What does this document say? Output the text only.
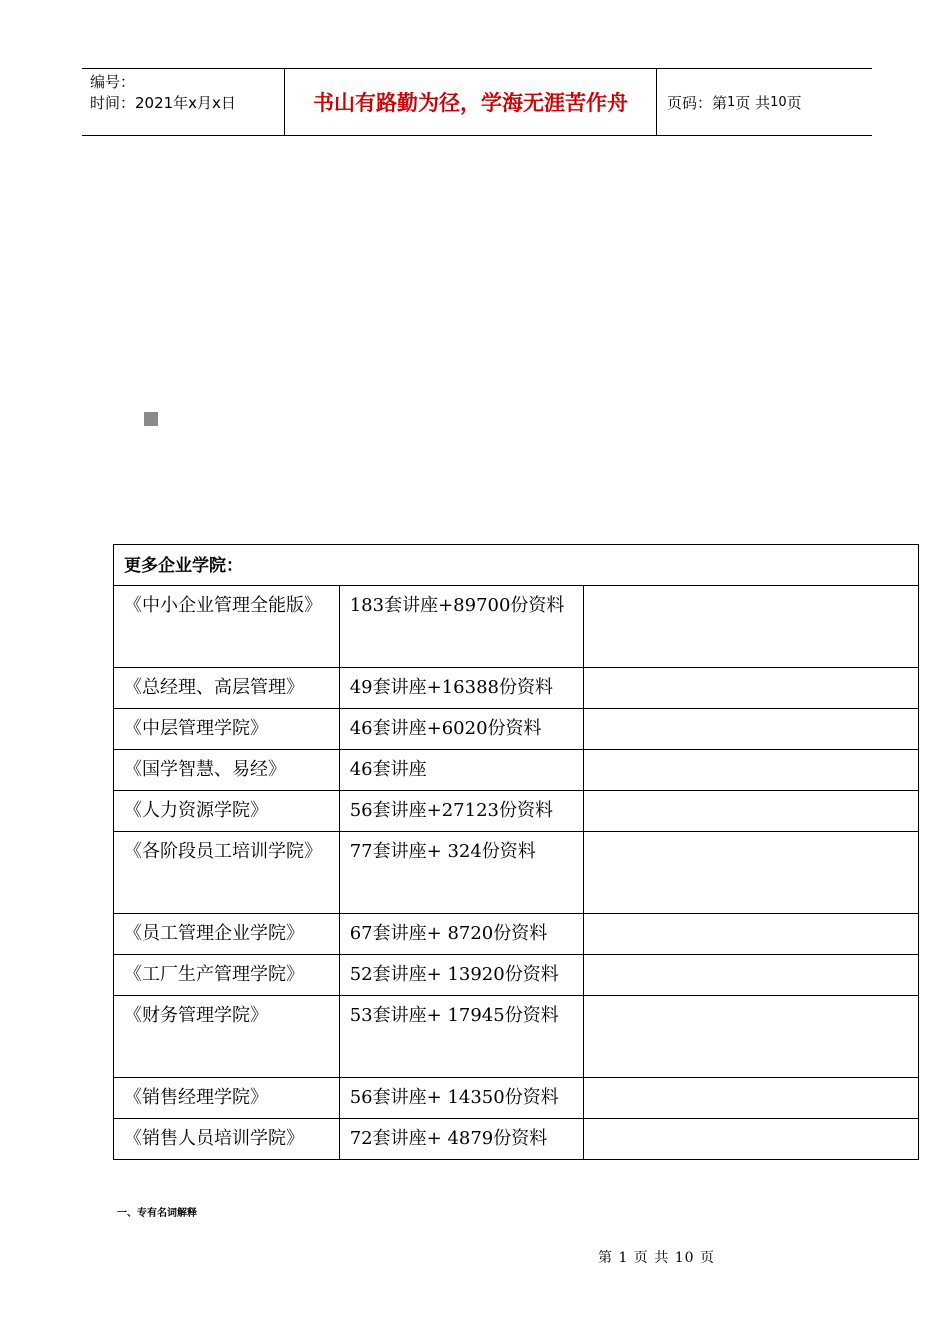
编号：
时间：2021年x月x日	书山有路勤为径，学海无涯苦作舟	页码：第 1 页 共 10 页
更多企业学院：		

《中小企业管理全能版》	183套讲座+89700份资料	

《总经理、高层管理》	49套讲座+16388份资料	

《中层管理学院》	46套讲座+6020份资料	

《国学智慧、易经》	46套讲座	

《人力资源学院》	56套讲座+27123份资料	

《各阶段员工培训学院》	77套讲座+ 324份资料	

《员工管理企业学院》	67套讲座+ 8720份资料	

《工厂生产管理学院》	52套讲座+ 13920份资料	

《财务管理学院》	53套讲座+ 17945份资料	

《销售经理学院》	56套讲座+ 14350份资料	

《销售人员培训学院》	72套讲座+ 4879份资料	

一、专有名词解释
第 1 页 共 10 页
